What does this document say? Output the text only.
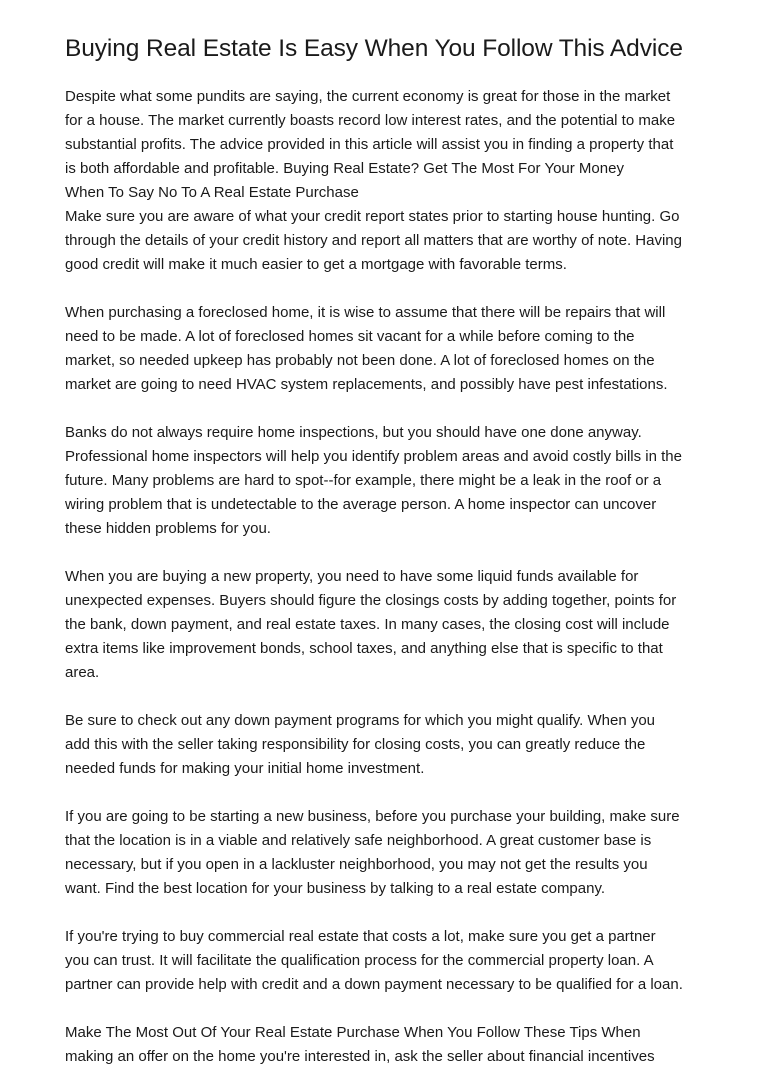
Buying Real Estate Is Easy When You Follow This Advice

Despite what some pundits are saying, the current economy is great for those in the market
for a house. The market currently boasts record low interest rates, and the potential to make
substantial profits. The advice provided in this article will assist you in finding a property that
is both affordable and profitable. Buying Real Estate? Get The Most For Your Money

When To Say No To A Real Estate Purchase

Make sure you are aware of what your credit report states prior to starting house hunting. Go
through the details of your credit history and report all matters that are worthy of note. Having
good credit will make it much easier to get a mortgage with favorable terms.

When purchasing a foreclosed home, it is wise to assume that there will be repairs that will
need to be made. A lot of foreclosed homes sit vacant for a while before coming to the
market, so needed upkeep has probably not been done. A lot of foreclosed homes on the
market are going to need HVAC system replacements, and possibly have pest infestations.

Banks do not always require home inspections, but you should have one done anyway.
Professional home inspectors will help you identify problem areas and avoid costly bills in the
future. Many problems are hard to spot--for example, there might be a leak in the roof or a
wiring problem that is undetectable to the average person. A home inspector can uncover
these hidden problems for you.

When you are buying a new property, you need to have some liquid funds available for
unexpected expenses. Buyers should figure the closings costs by adding together, points for
the bank, down payment, and real estate taxes. In many cases, the closing cost will include
extra items like improvement bonds, school taxes, and anything else that is specific to that
area.

Be sure to check out any down payment programs for which you might qualify. When you
add this with the seller taking responsibility for closing costs, you can greatly reduce the
needed funds for making your initial home investment.

If you are going to be starting a new business, before you purchase your building, make sure
that the location is in a viable and relatively safe neighborhood. A great customer base is
necessary, but if you open in a lackluster neighborhood, you may not get the results you
want. Find the best location for your business by talking to a real estate company.

If you're trying to buy commercial real estate that costs a lot, make sure you get a partner
you can trust. It will facilitate the qualification process for the commercial property loan. A
partner can provide help with credit and a down payment necessary to be qualified for a loan.

Make The Most Out Of Your Real Estate Purchase When You Follow These Tips When
making an offer on the home you're interested in, ask the seller about financial incentives
